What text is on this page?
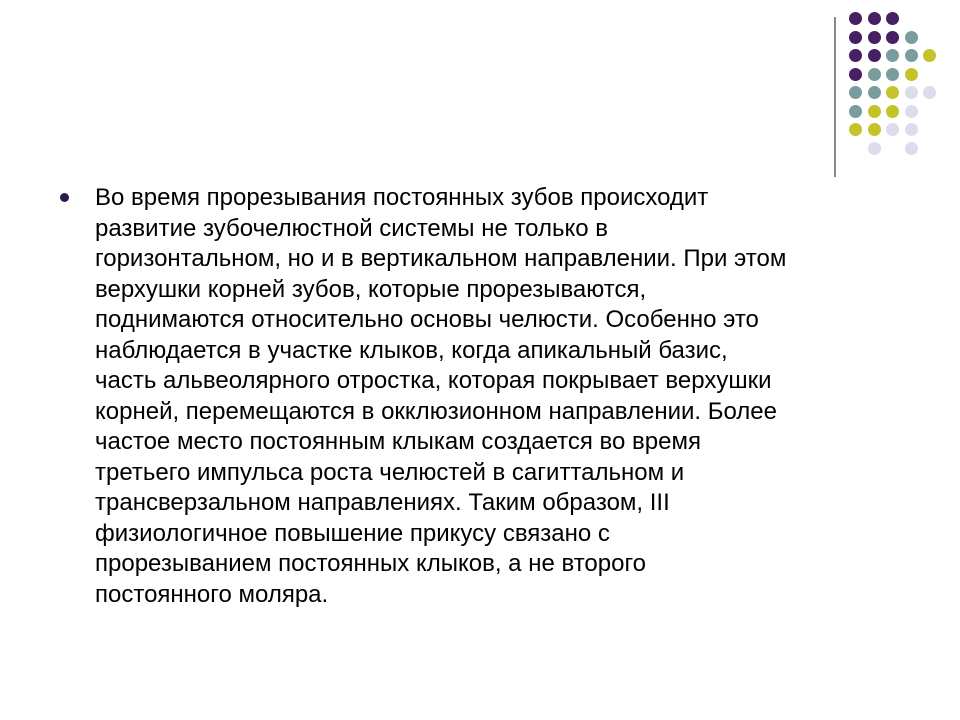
Во время прорезывания постоянных зубов происходит
развитие зубочелюстной системы не только в
горизонтальном, но и в вертикальном направлении. При этом
верхушки корней зубов, которые прорезываются,
поднимаются относительно основы челюсти. Особенно это
наблюдается в участке клыков, когда апикальный базис,
часть альвеолярного отростка, которая покрывает верхушки
корней, перемещаются в окклюзионном направлении. Более
частое место постоянным клыкам создается во время
третьего импульса роста челюстей в сагиттальном и
трансверзальном направлениях. Таким образом, III
физиологичное повышение прикусу связано с
прорезыванием постоянных клыков, а не второго
постоянного моляра.
